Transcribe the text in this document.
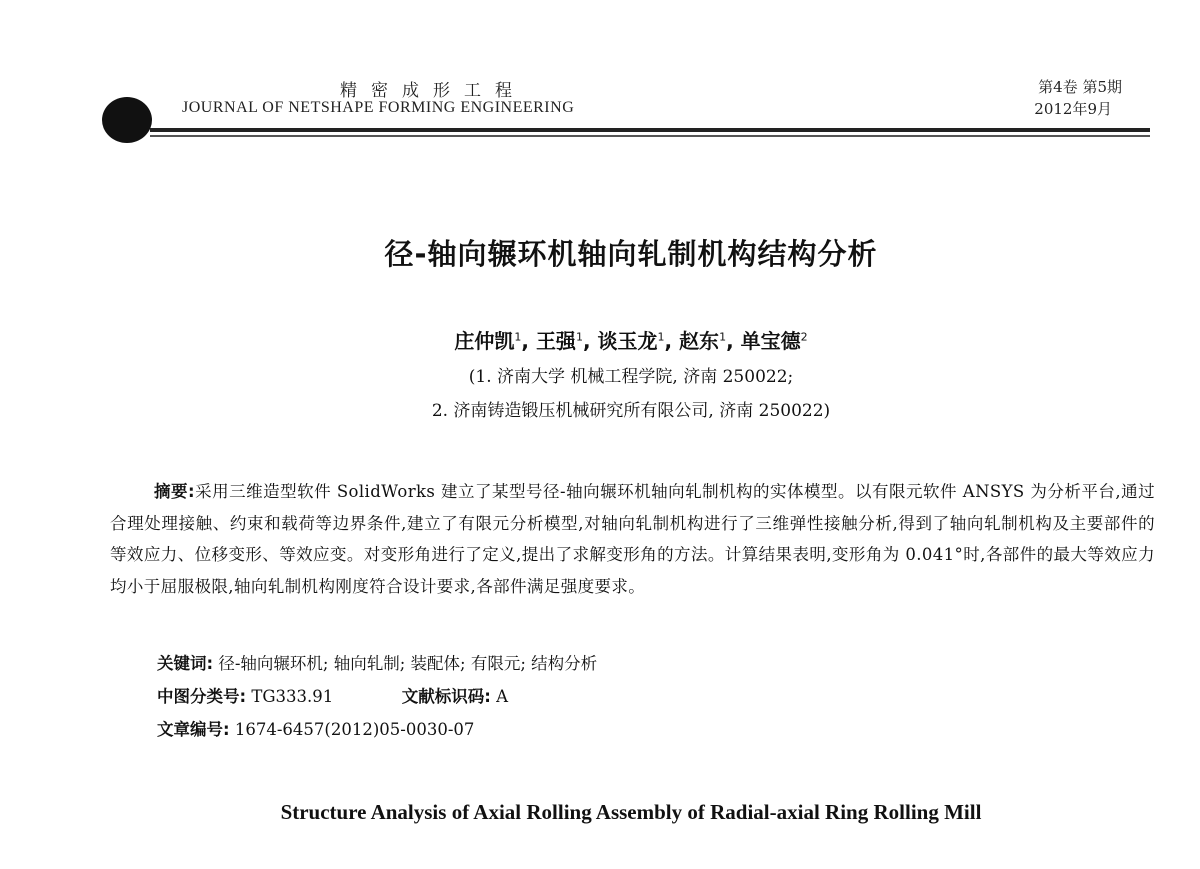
精密成形工程
JOURNAL OF NETSHAPE FORMING ENGINEERING
第4卷 第5期
2012年9月
径-轴向辗环机轴向轧制机构结构分析
庄仲凯$^1$, 王强$^1$, 谈玉龙$^1$, 赵东$^1$, 单宝德$^2$
(1. 济南大学 机械工程学院, 济南 250022;
2. 济南铸造锻压机械研究所有限公司, 济南 250022)
摘要:采用三维造型软件 SolidWorks 建立了某型号径-轴向辗环机轴向轧制机构的实体模型。以有限元软件 ANSYS 为分析平台,通过合理处理接触、约束和载荷等边界条件,建立了有限元分析模型,对轴向轧制机构进行了三维弹性接触分析,得到了轴向轧制机构及主要部件的等效应力、位移变形、等效应变。对变形角进行了定义,提出了求解变形角的方法。计算结果表明,变形角为 0.041°时,各部件的最大等效应力均小于屈服极限,轴向轧制机构刚度符合设计要求,各部件满足强度要求。
关键词: 径-轴向辗环机; 轴向轧制; 装配体; 有限元; 结构分析
中图分类号: TG333.91	文献标识码: A
文章编号: 1674-6457(2012)05-0030-07
Structure Analysis of Axial Rolling Assembly of Radial-axial Ring Rolling Mill
